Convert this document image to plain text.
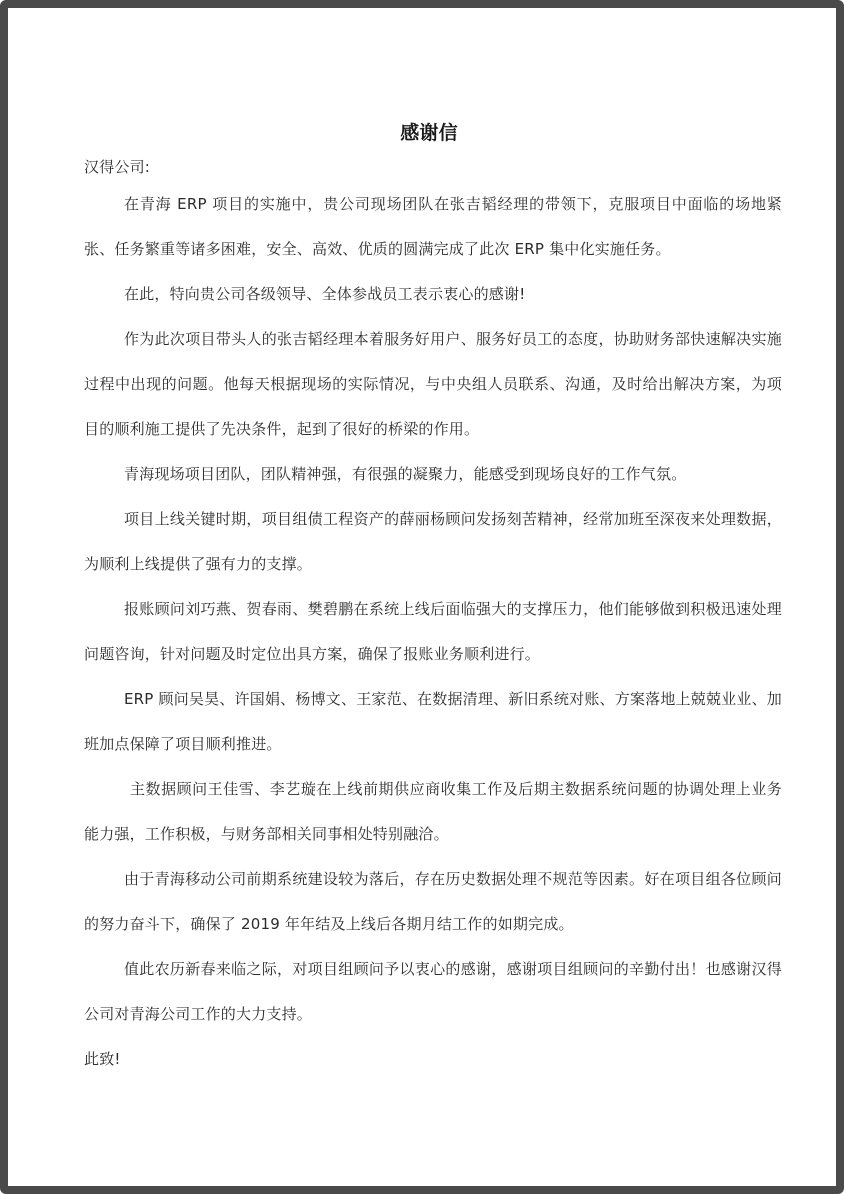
感谢信

汉得公司:

在青海 ERP 项目的实施中，贵公司现场团队在张吉韬经理的带领下，克服项目中面临的场地紧张、任务繁重等诸多困难，安全、高效、优质的圆满完成了此次 ERP 集中化实施任务。

在此，特向贵公司各级领导、全体参战员工表示衷心的感谢!

作为此次项目带头人的张吉韬经理本着服务好用户、服务好员工的态度，协助财务部快速解决实施过程中出现的问题。他每天根据现场的实际情况，与中央组人员联系、沟通，及时给出解决方案，为项目的顺利施工提供了先决条件，起到了很好的桥梁的作用。

青海现场项目团队，团队精神强，有很强的凝聚力，能感受到现场良好的工作气氛。

项目上线关键时期，项目组债工程资产的薛丽杨顾问发扬刻苦精神，经常加班至深夜来处理数据，为顺利上线提供了强有力的支撑。

报账顾问刘巧燕、贺春雨、樊碧鹏在系统上线后面临强大的支撑压力，他们能够做到积极迅速处理问题咨询，针对问题及时定位出具方案，确保了报账业务顺利进行。

ERP 顾问吴昊、许国娟、杨博文、王家范、在数据清理、新旧系统对账、方案落地上兢兢业业、加班加点保障了项目顺利推进。

主数据顾问王佳雪、李艺璇在上线前期供应商收集工作及后期主数据系统问题的协调处理上业务能力强，工作积极，与财务部相关同事相处特别融洽。

由于青海移动公司前期系统建设较为落后，存在历史数据处理不规范等因素。好在项目组各位顾问的努力奋斗下，确保了 2019 年年结及上线后各期月结工作的如期完成。

值此农历新春来临之际，对项目组顾问予以衷心的感谢，感谢项目组顾问的辛勤付出！也感谢汉得公司对青海公司工作的大力支持。

此致!
